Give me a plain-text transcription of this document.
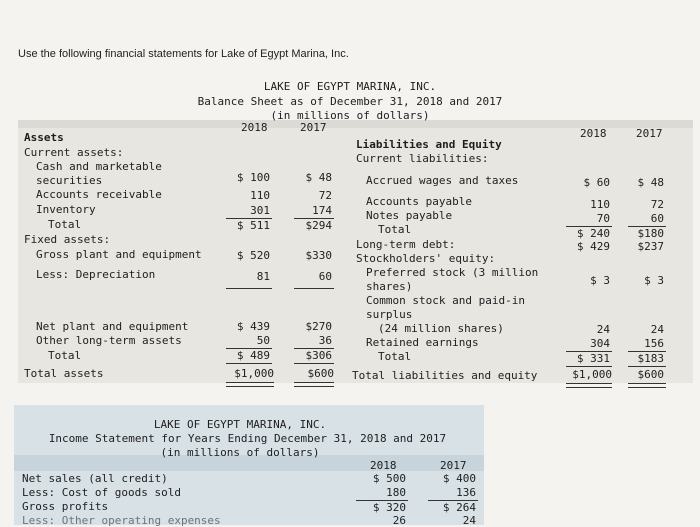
Use the following financial statements for Lake of Egypt Marina, Inc.
LAKE OF EGYPT MARINA, INC.
Balance Sheet as of December 31, 2018 and 2017
(in millions of dollars)
2018	2017	2018	2017
Assets
Current assets:
Cash and marketable
securities	$ 100	$ 48
Accounts receivable	110	72
Inventory	301	174
Total	$ 511	$294
Fixed assets:
Gross plant and equipment	$ 520	$330
Less: Depreciation	81	60
Net plant and equipment	$ 439	$270
Other long-term assets	50	36
Total	$ 489	$306
Total assets	$1,000	$600
Liabilities and Equity
Current liabilities:
Accrued wages and taxes	$ 60	$ 48
Accounts payable	110	72
Notes payable	70	60
Total	$ 240	$180
Long-term debt:	$ 429	$237
Stockholders' equity:
Preferred stock (3 million
shares)	$ 3	$ 3
Common stock and paid-in
surplus
(24 million shares)	24	24
Retained earnings	304	156
Total	$ 331	$183
Total liabilities and equity	$1,000	$600
LAKE OF EGYPT MARINA, INC.
Income Statement for Years Ending December 31, 2018 and 2017
(in millions of dollars)
2018	2017
Net sales (all credit)	$ 500	$ 400
Less: Cost of goods sold	180	136
Gross profits	$ 320	$ 264
Less: Other operating expenses	26	24
